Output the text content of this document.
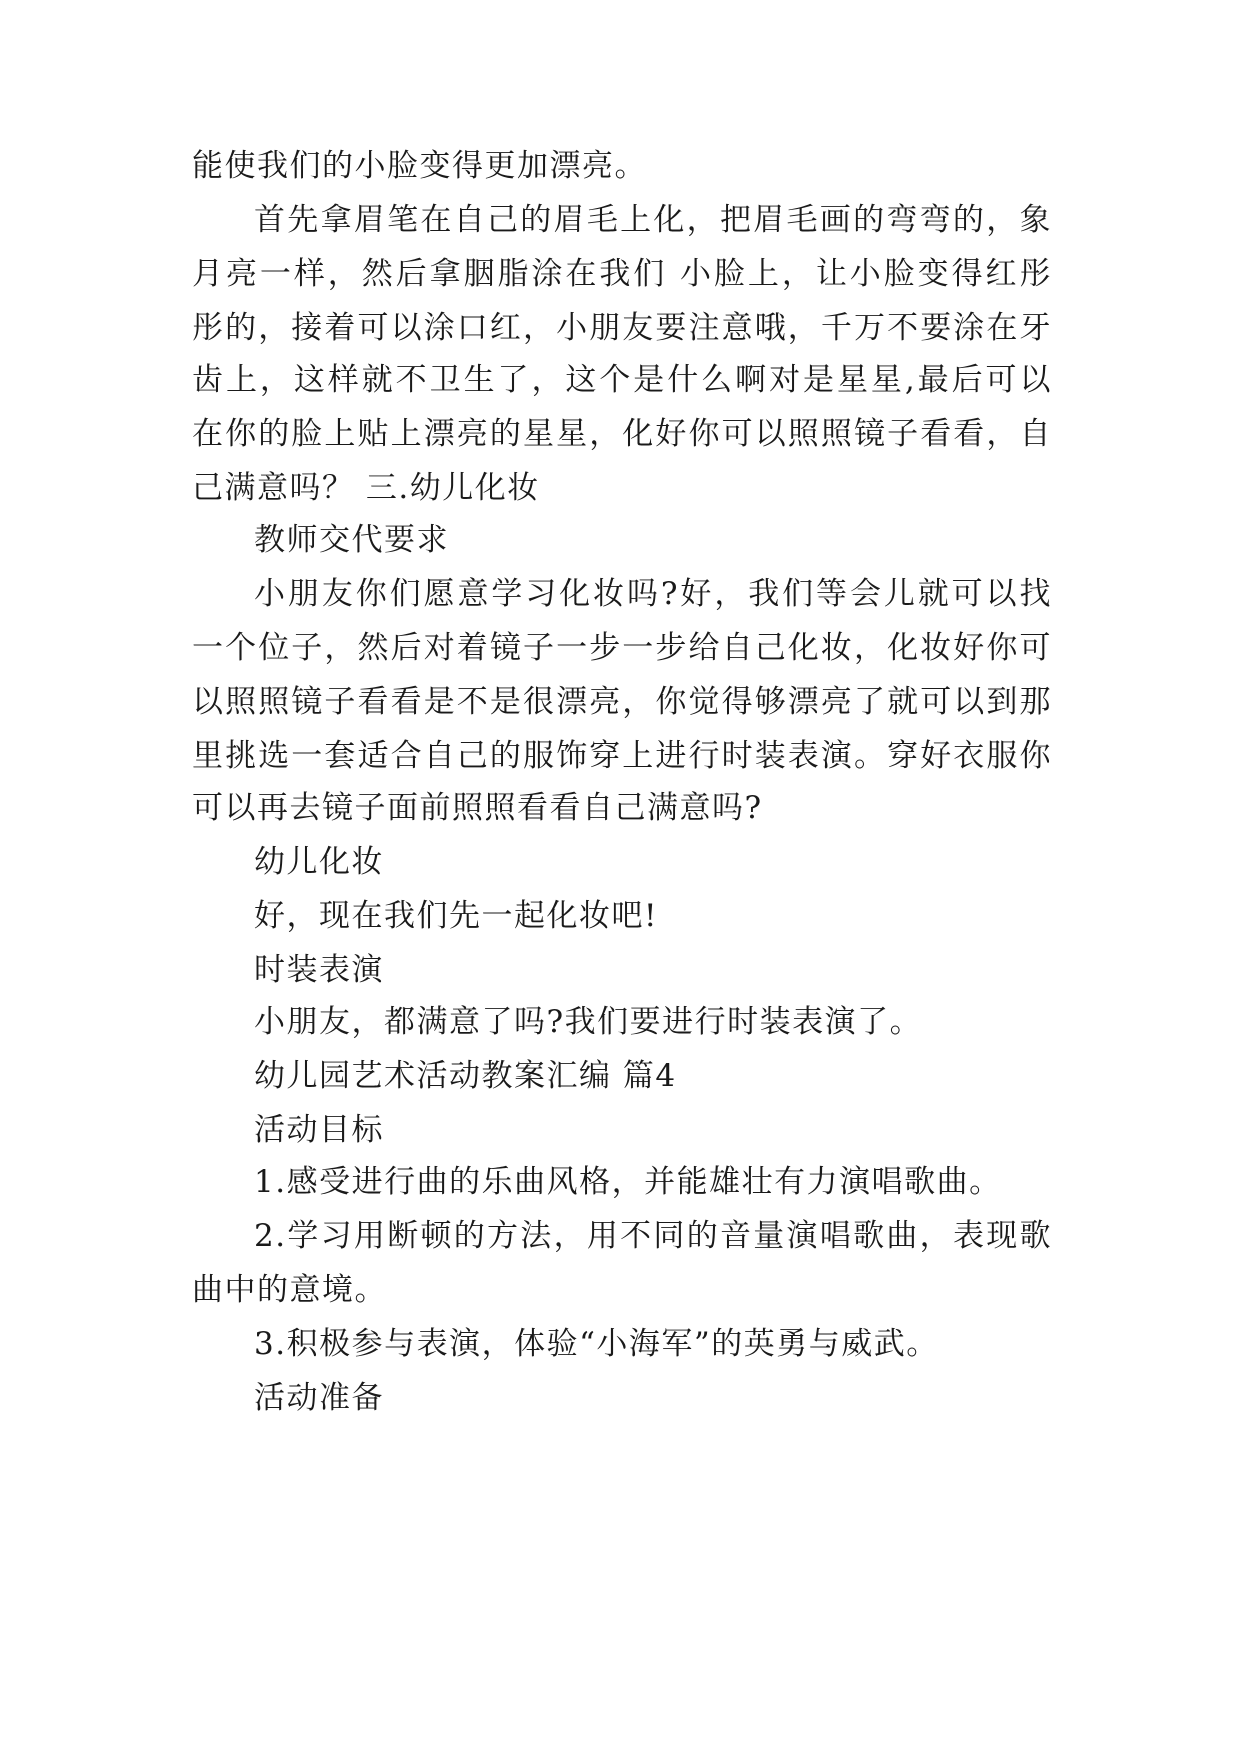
能使我们的小脸变得更加漂亮。

首先拿眉笔在自己的眉毛上化，把眉毛画的弯弯的，象

月亮一样，然后拿胭脂涂在我们 小脸上，让小脸变得红彤

彤的，接着可以涂口红，小朋友要注意哦，千万不要涂在牙

齿上，这样就不卫生了，这个是什么啊对是星星,最后可以

在你的脸上贴上漂亮的星星，化好你可以照照镜子看看，自

己满意吗？ 三.幼儿化妆

教师交代要求

小朋友你们愿意学习化妆吗?好，我们等会儿就可以找

一个位子，然后对着镜子一步一步给自己化妆，化妆好你可

以照照镜子看看是不是很漂亮，你觉得够漂亮了就可以到那

里挑选一套适合自己的服饰穿上进行时装表演。穿好衣服你

可以再去镜子面前照照看看自己满意吗?

幼儿化妆

好，现在我们先一起化妆吧!

时装表演

小朋友，都满意了吗?我们要进行时装表演了。

幼儿园艺术活动教案汇编 篇4

活动目标

1.感受进行曲的乐曲风格，并能雄壮有力演唱歌曲。

2.学习用断顿的方法，用不同的音量演唱歌曲，表现歌

曲中的意境。

3.积极参与表演，体验“小海军”的英勇与威武。

活动准备
